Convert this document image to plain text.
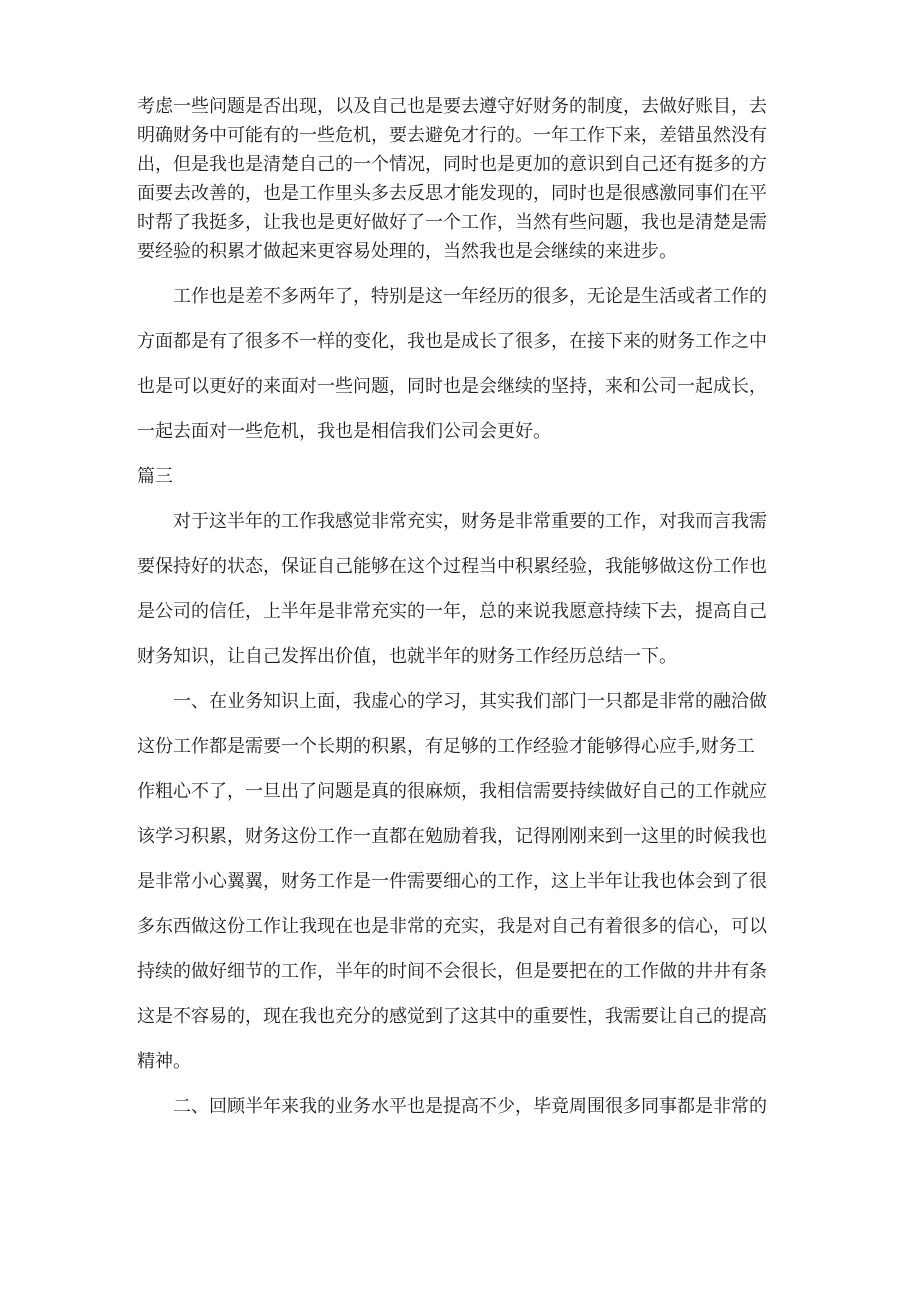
考虑一些问题是否出现，以及自己也是要去遵守好财务的制度，去做好账目，去
明确财务中可能有的一些危机，要去避免才行的。一年工作下来，差错虽然没有
出，但是我也是清楚自己的一个情况，同时也是更加的意识到自己还有挺多的方
面要去改善的，也是工作里头多去反思才能发现的，同时也是很感激同事们在平
时帮了我挺多，让我也是更好做好了一个工作，当然有些问题，我也是清楚是需
要经验的积累才做起来更容易处理的，当然我也是会继续的来进步。
工作也是差不多两年了，特别是这一年经历的很多，无论是生活或者工作的
方面都是有了很多不一样的变化，我也是成长了很多，在接下来的财务工作之中
也是可以更好的来面对一些问题，同时也是会继续的坚持，来和公司一起成长，
一起去面对一些危机，我也是相信我们公司会更好。
篇三
对于这半年的工作我感觉非常充实，财务是非常重要的工作，对我而言我需
要保持好的状态，保证自己能够在这个过程当中积累经验，我能够做这份工作也
是公司的信任，上半年是非常充实的一年，总的来说我愿意持续下去，提高自己
财务知识，让自己发挥出价值，也就半年的财务工作经历总结一下。
一、在业务知识上面，我虚心的学习，其实我们部门一只都是非常的融洽做
这份工作都是需要一个长期的积累，有足够的工作经验才能够得心应手,财务工
作粗心不了，一旦出了问题是真的很麻烦，我相信需要持续做好自己的工作就应
该学习积累，财务这份工作一直都在勉励着我，记得刚刚来到一这里的时候我也
是非常小心翼翼，财务工作是一件需要细心的工作，这上半年让我也体会到了很
多东西做这份工作让我现在也是非常的充实，我是对自己有着很多的信心，可以
持续的做好细节的工作，半年的时间不会很长，但是要把在的工作做的井井有条
这是不容易的，现在我也充分的感觉到了这其中的重要性，我需要让自己的提高
精神。
二、回顾半年来我的业务水平也是提高不少，毕竟周围很多同事都是非常的
